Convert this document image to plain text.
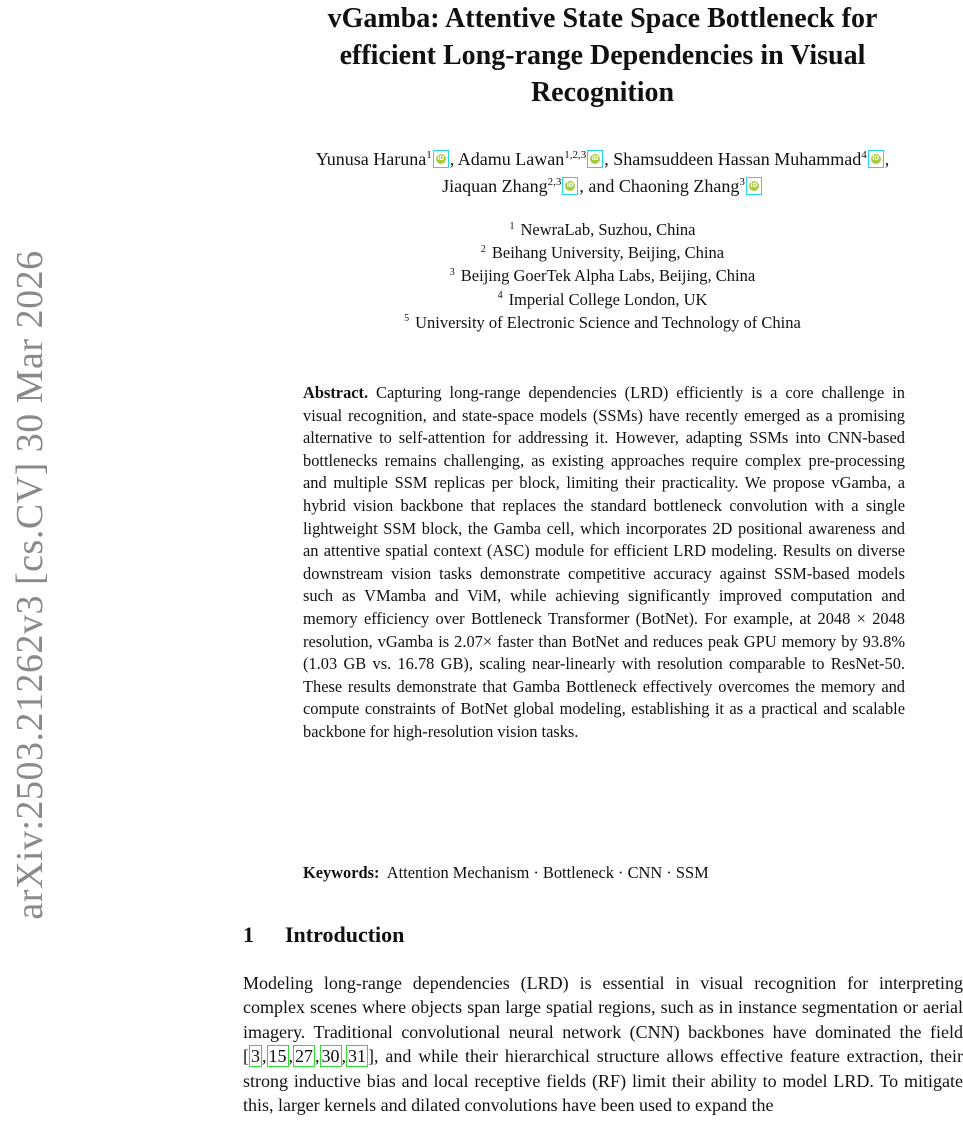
arXiv:2503.21262v3 [cs.CV] 30 Mar 2026
vGamba: Attentive State Space Bottleneck for
efficient Long-range Dependencies in Visual
Recognition
Yunusa Haruna$^1$ iD , Adamu Lawan$^{1,2,3}$ iD , Shamsuddeen Hassan Muhammad$^4$ iD ,
Jiaquan Zhang$^{2,3}$ iD , and Chaoning Zhang$^3$ iD
$^1$ NewraLab, Suzhou, China
$^2$ Beihang University, Beijing, China
$^3$ Beijing GoerTek Alpha Labs, Beijing, China
$^4$ Imperial College London, UK
$^5$ University of Electronic Science and Technology of China
Abstract. Capturing long-range dependencies (LRD) efficiently is a core challenge in visual recognition, and state-space models (SSMs) have recently emerged as a promising alternative to self-attention for addressing it. However, adapting SSMs into CNN-based bottlenecks remains challenging, as existing approaches require complex pre-processing and multiple SSM replicas per block, limiting their practicality. We propose vGamba, a hybrid vision backbone that replaces the standard bottleneck convolution with a single lightweight SSM block, the Gamba cell, which incorporates 2D positional awareness and an attentive spatial context (ASC) module for efficient LRD modeling. Results on diverse downstream vision tasks demonstrate competitive accuracy against SSM-based models such as VMamba and ViM, while achieving significantly improved computation and memory efficiency over Bottleneck Transformer (BotNet). For example, at 2048 × 2048 resolution, vGamba is 2.07× faster than BotNet and reduces peak GPU memory by 93.8% (1.03 GB vs. 16.78 GB), scaling near-linearly with resolution comparable to ResNet-50. These results demonstrate that Gamba Bottleneck effectively overcomes the memory and compute constraints of BotNet global modeling, establishing it as a practical and scalable backbone for high-resolution vision tasks.
Keywords: Attention Mechanism · Bottleneck · CNN · SSM
1 Introduction
Modeling long-range dependencies (LRD) is essential in visual recognition for interpreting complex scenes where objects span large spatial regions, such as in instance segmentation or aerial imagery. Traditional convolutional neural network (CNN) backbones have dominated the field [ 3 , 15 , 27 , 30 , 31 ], and while their hierarchical structure allows effective feature extraction, their strong inductive bias and local receptive fields (RF) limit their ability to model LRD. To mitigate this, larger kernels and dilated convolutions have been used to expand the
